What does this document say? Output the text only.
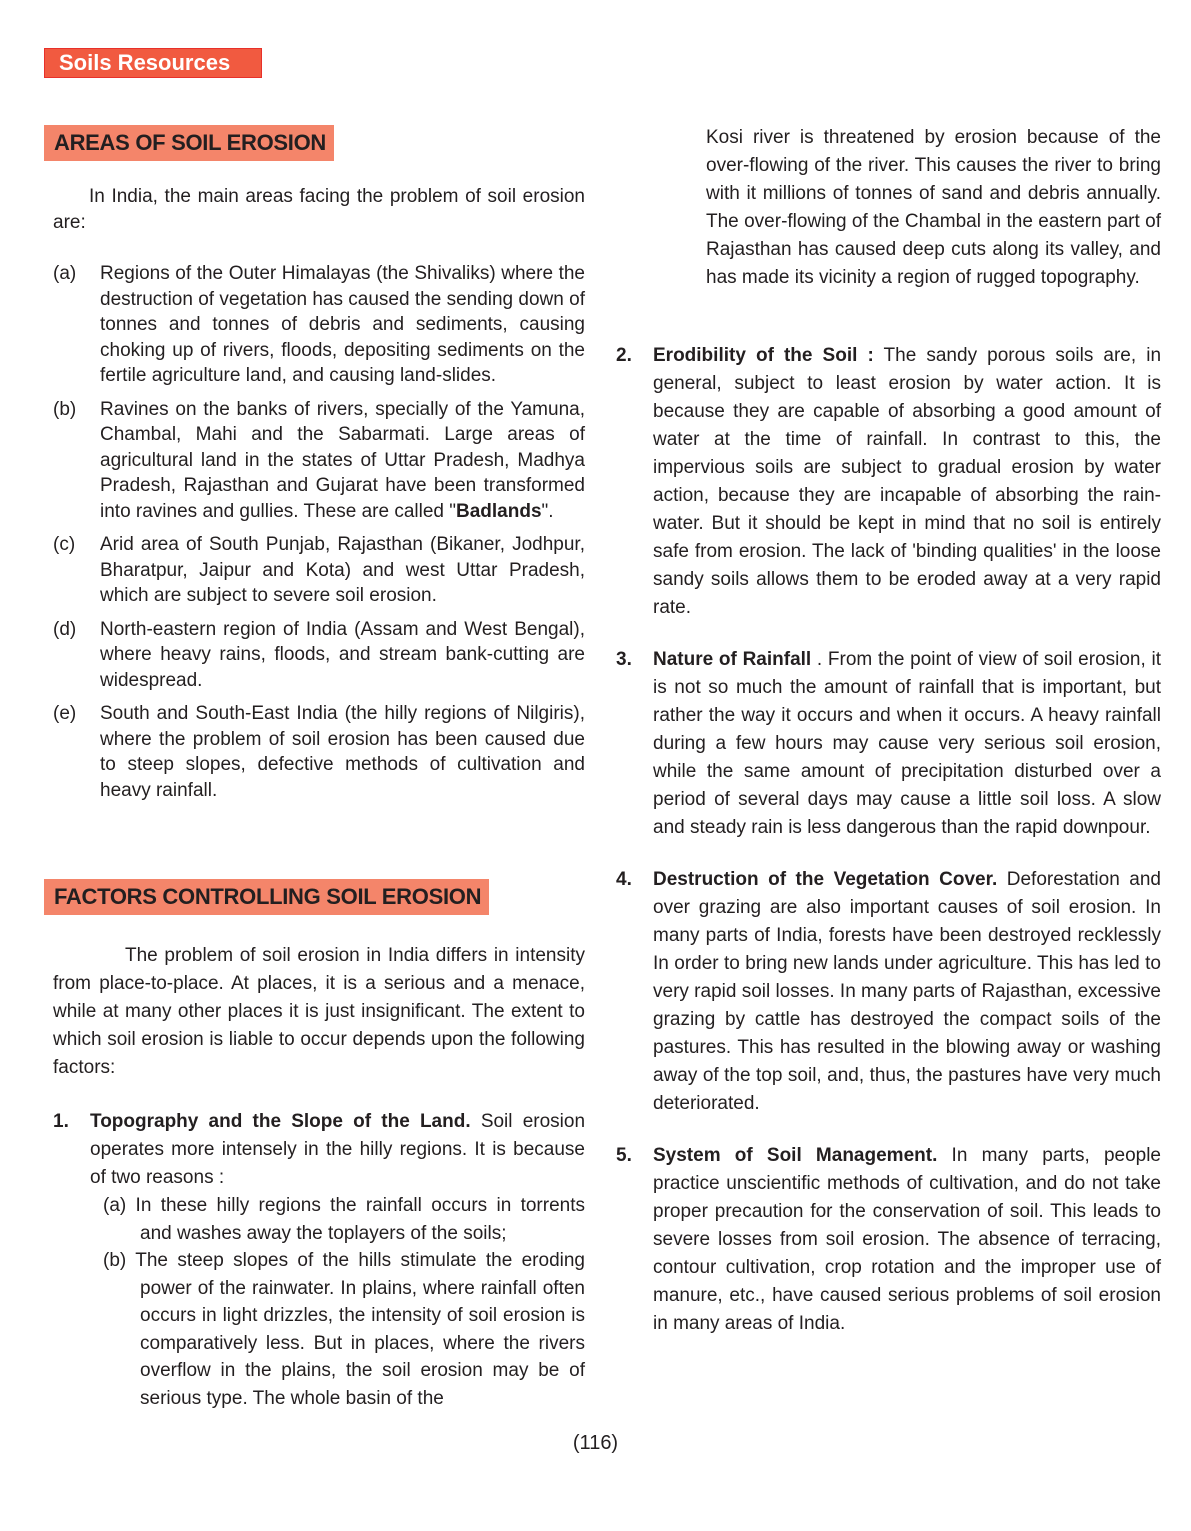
Soils Resources
AREAS OF SOIL EROSION

In India, the main areas facing the problem of soil erosion are:

(a) Regions of the Outer Himalayas (the Shivaliks) where the destruction of vegetation has caused the sending down of tonnes and tonnes of debris and sediments, causing choking up of rivers, floods, depositing sediments on the fertile agriculture land, and causing land-slides.
(b) Ravines on the banks of rivers, specially of the Yamuna, Chambal, Mahi and the Sabarmati. Large areas of agricultural land in the states of Uttar Pradesh, Madhya Pradesh, Rajasthan and Gujarat have been transformed into ravines and gullies. These are called "Badlands".
(c) Arid area of South Punjab, Rajasthan (Bikaner, Jodhpur, Bharatpur, Jaipur and Kota) and west Uttar Pradesh, which are subject to severe soil erosion.
(d) North-eastern region of India (Assam and West Bengal), where heavy rains, floods, and stream bank-cutting are widespread.
(e) South and South-East India (the hilly regions of Nilgiris), where the problem of soil erosion has been caused due to steep slopes, defective methods of cultivation and heavy rainfall.
FACTORS CONTROLLING SOIL EROSION

The problem of soil erosion in India differs in intensity from place-to-place. At places, it is a serious and a menace, while at many other places it is just insignificant. The extent to which soil erosion is liable to occur depends upon the following factors:

1. Topography and the Slope of the Land. Soil erosion operates more intensely in the hilly regions. It is because of two reasons :
(a) In these hilly regions the rainfall occurs in torrents and washes away the toplayers of the soils;
(b) The steep slopes of the hills stimulate the eroding power of the rainwater. In plains, where rainfall often occurs in light drizzles, the intensity of soil erosion is comparatively less. But in places, where the rivers overflow in the plains, the soil erosion may be of serious type. The whole basin of the

Kosi river is threatened by erosion because of the over-flowing of the river. This causes the river to bring with it millions of tonnes of sand and debris annually. The over-flowing of the Chambal in the eastern part of Rajasthan has caused deep cuts along its valley, and has made its vicinity a region of rugged topography.

2. Erodibility of the Soil : The sandy porous soils are, in general, subject to least erosion by water action. It is because they are capable of absorbing a good amount of water at the time of rainfall. In contrast to this, the impervious soils are subject to gradual erosion by water action, because they are incapable of absorbing the rain-water. But it should be kept in mind that no soil is entirely safe from erosion. The lack of 'binding qualities' in the loose sandy soils allows them to be eroded away at a very rapid rate.
3. Nature of Rainfall . From the point of view of soil erosion, it is not so much the amount of rainfall that is important, but rather the way it occurs and when it occurs. A heavy rainfall during a few hours may cause very serious soil erosion, while the same amount of precipitation disturbed over a period of several days may cause a little soil loss. A slow and steady rain is less dangerous than the rapid downpour.
4. Destruction of the Vegetation Cover. Deforestation and over grazing are also important causes of soil erosion. In many parts of India, forests have been destroyed recklessly In order to bring new lands under agriculture. This has led to very rapid soil losses. In many parts of Rajasthan, excessive grazing by cattle has destroyed the compact soils of the pastures. This has resulted in the blowing away or washing away of the top soil, and, thus, the pastures have very much deteriorated.
5. System of Soil Management. In many parts, people practice unscientific methods of cultivation, and do not take proper precaution for the conservation of soil. This leads to severe losses from soil erosion. The absence of terracing, contour cultivation, crop rotation and the improper use of manure, etc., have caused serious problems of soil erosion in many areas of India.
(116)
